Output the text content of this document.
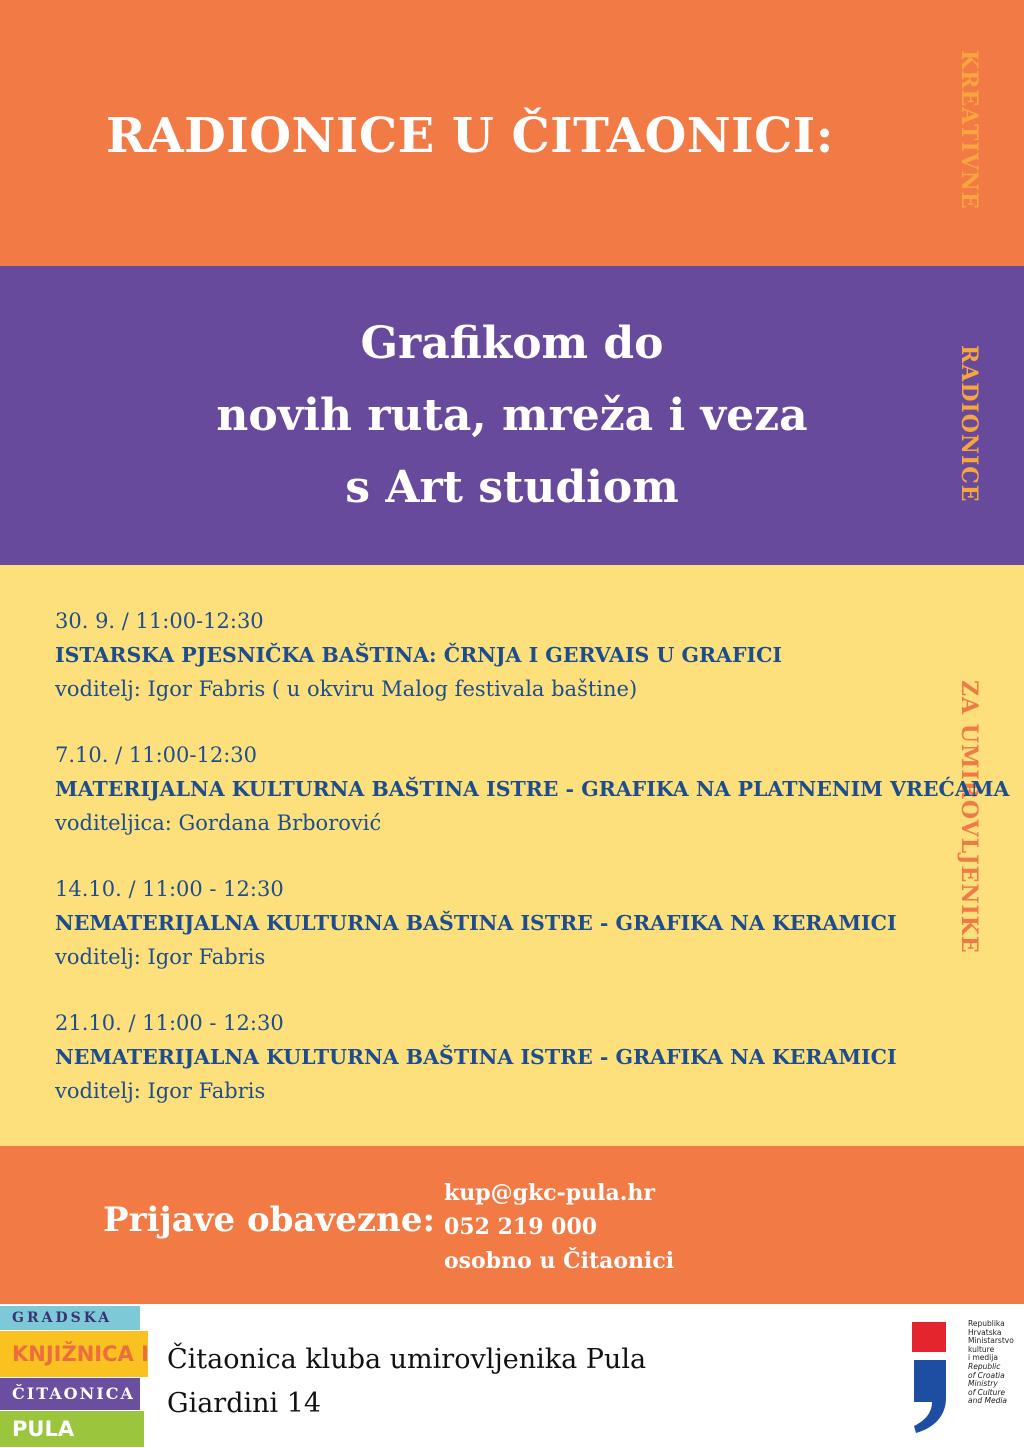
RADIONICE U ČITAONICI:
Grafikom do
novih ruta, mreža i veza
s Art studiom
KREATIVNE
RADIONICE
ZA UMIROVLJENIKE
30. 9. / 11:00-12:30
ISTARSKA PJESNIČKA BAŠTINA: ČRNJA I GERVAIS U GRAFICI
voditelj: Igor Fabris ( u okviru Malog festivala baštine)
7.10. / 11:00-12:30
MATERIJALNA KULTURNA BAŠTINA ISTRE - GRAFIKA NA PLATNENIM VREĆAMA
voditeljica: Gordana Brborović
14.10. / 11:00 - 12:30
NEMATERIJALNA KULTURNA BAŠTINA ISTRE - GRAFIKA NA KERAMICI
voditelj: Igor Fabris
21.10. / 11:00 - 12:30
NEMATERIJALNA KULTURNA BAŠTINA ISTRE - GRAFIKA NA KERAMICI
voditelj: Igor Fabris
Prijave obavezne:
kup@gkc-pula.hr
052 219 000
osobno u Čitaonici
GRADSKA
KNJIŽNICA I
ČITAONICA
PULA
Čitaonica kluba umirovljenika Pula
Giardini 14
Republika
Hrvatska
Ministarstvo
kulture
i medija
Republic
of Croatia
Ministry
of Culture
and Media
